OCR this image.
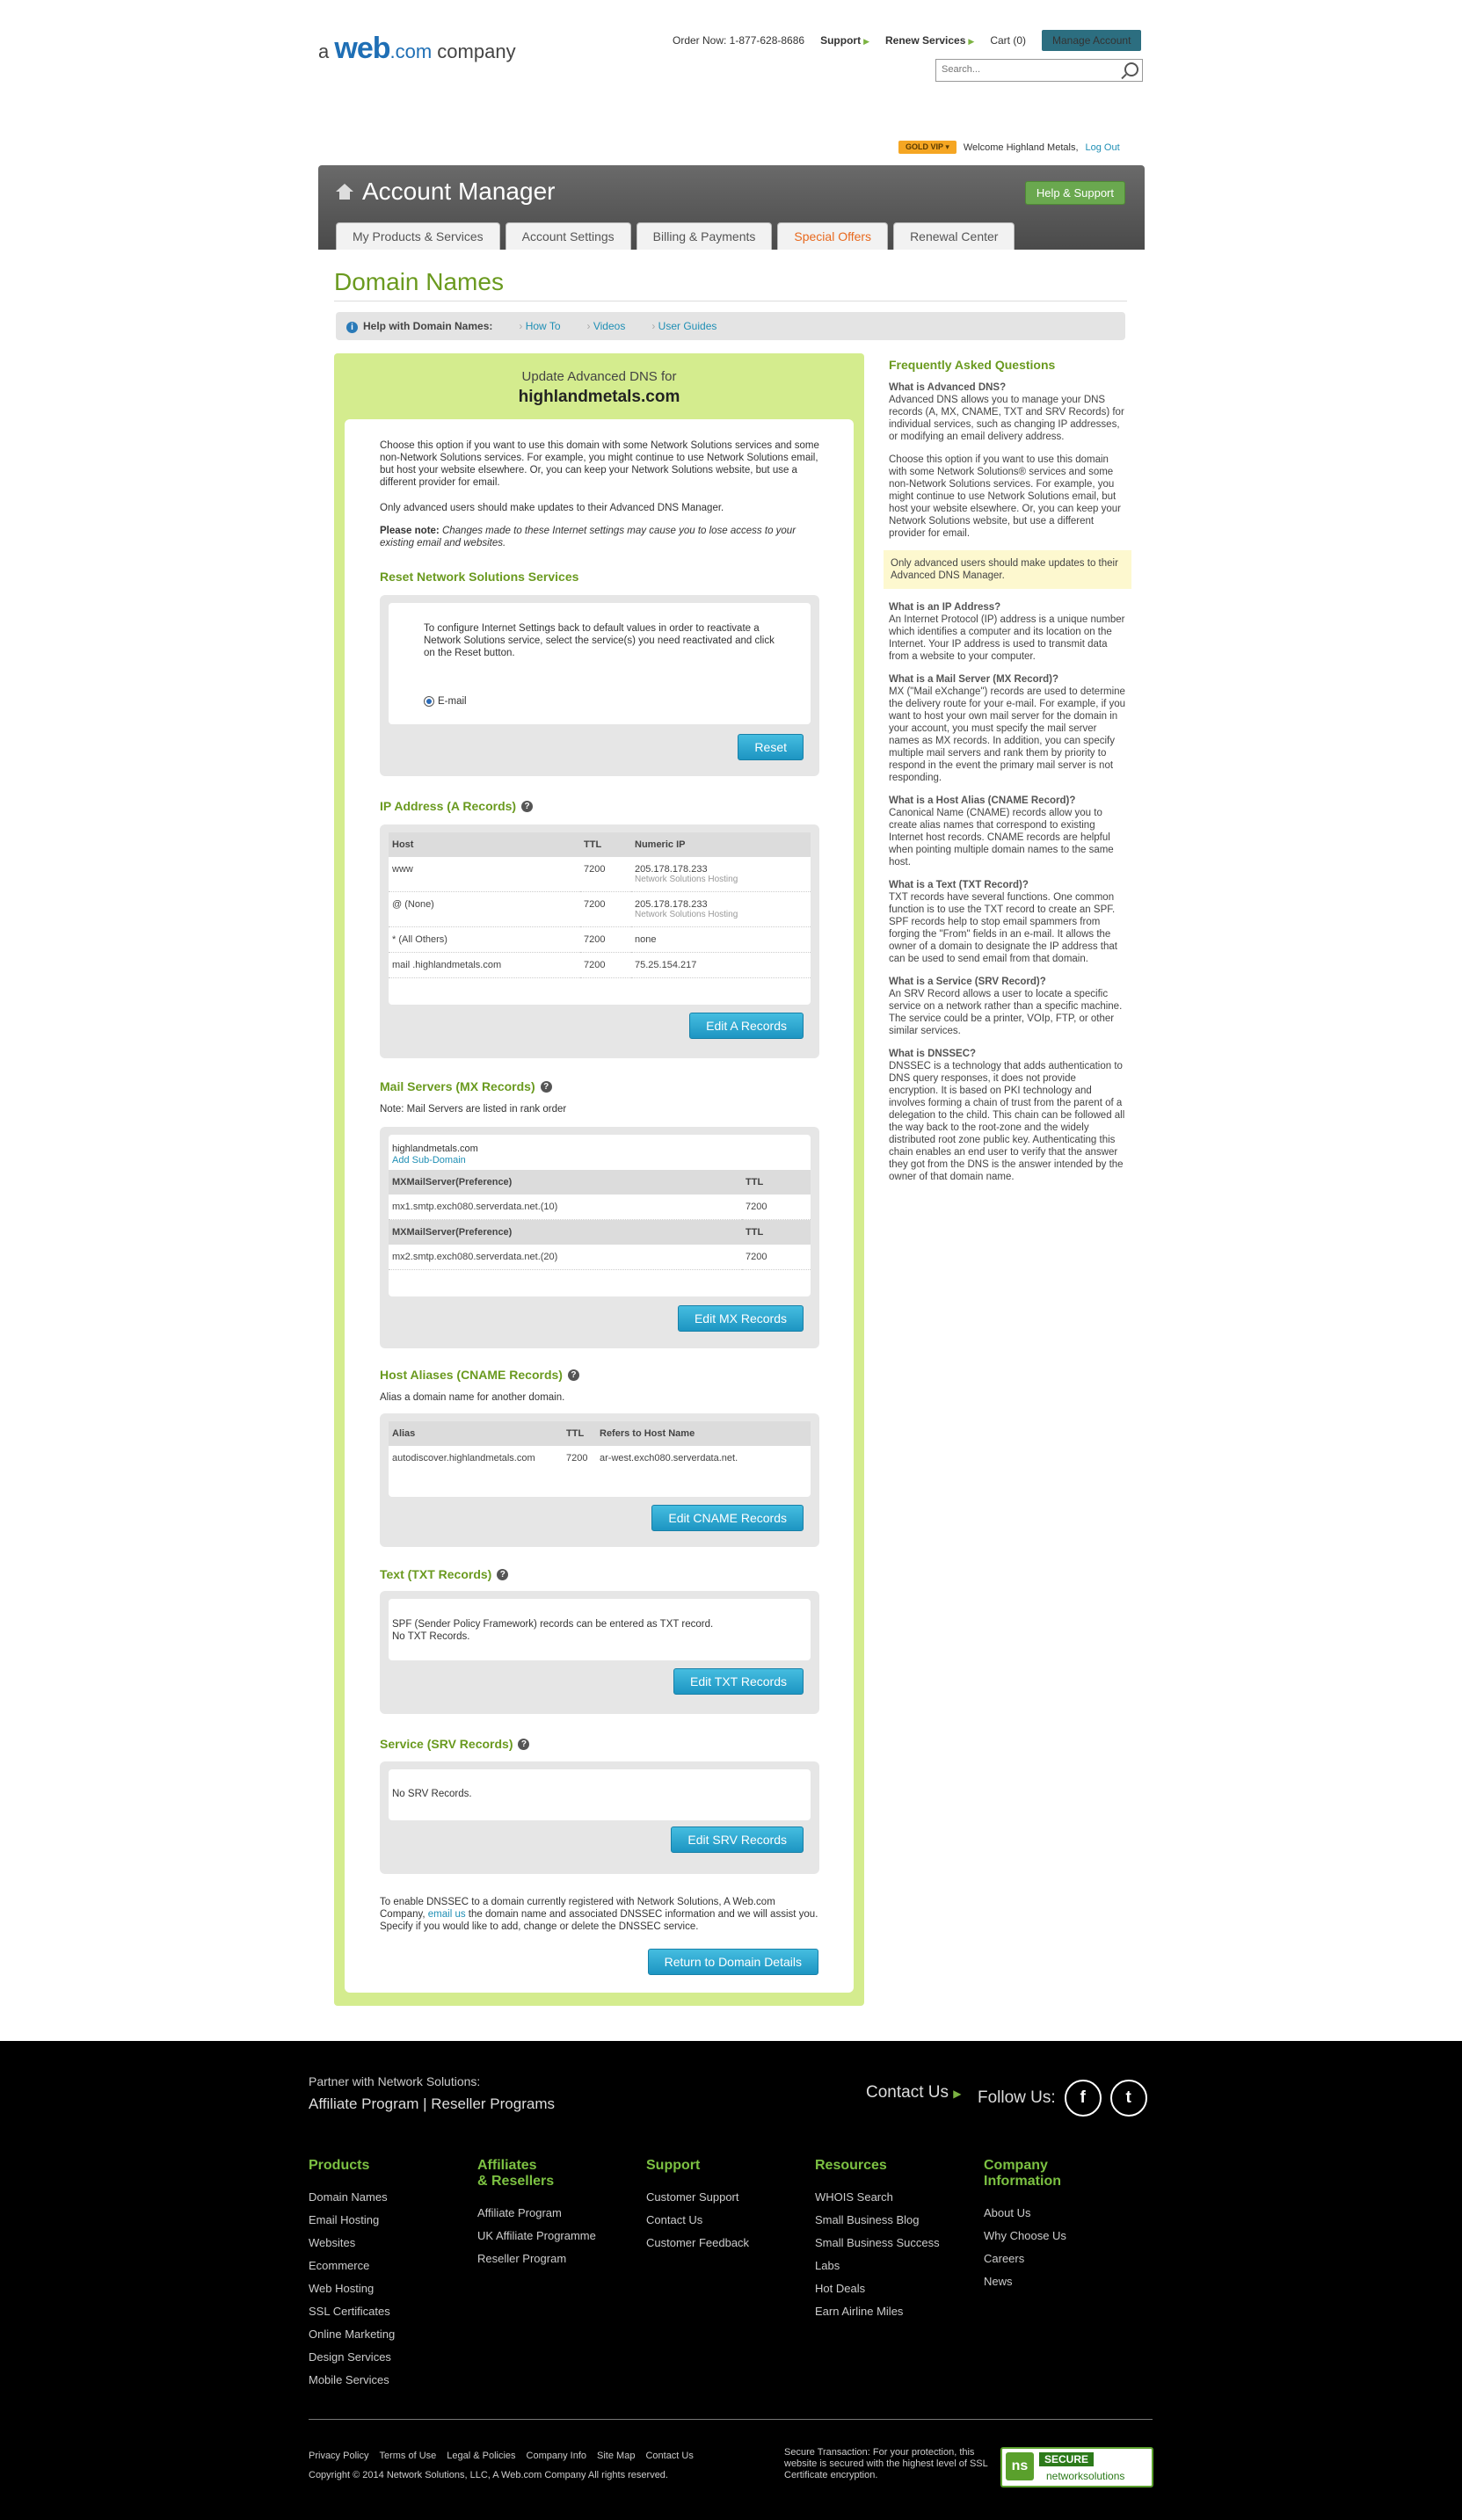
a web.com company	Order Now: 1-877-628-8686 Support ▶ Renew Services ▶ Cart (0)	Manage Account
Search...
GOLD VIP ▾	Welcome Highland Metals, Log Out
Account Manager	Help & Support
My Products & Services	Account Settings	Billing & Payments	Special Offers	Renewal Center
Domain Names
i Help with Domain Names:	› How To	› Videos	› User Guides
Update Advanced DNS for
highlandmetals.com
Choose this option if you want to use this domain with some Network Solutions services and some non-Network Solutions services. For example, you might continue to use Network Solutions email, but host your website elsewhere. Or, you can keep your Network Solutions website, but use a different provider for email.
Only advanced users should make updates to their Advanced DNS Manager.
Please note: Changes made to these Internet settings may cause you to lose access to your existing email and websites.
Reset Network Solutions Services
To configure Internet Settings back to default values in order to reactivate a Network Solutions service, select the service(s) you need reactivated and click on the Reset button.
E-mail
Reset
IP Address (A Records) ?
Host	TTL	Numeric IP
www	7200	205.178.178.233
Network Solutions Hosting

@ (None)	7200	205.178.178.233
Network Solutions Hosting

* (All Others)	7200	none
mail .highlandmetals.com	7200	75.25.154.217
Edit A Records
Mail Servers (MX Records) ?
Note: Mail Servers are listed in rank order
highlandmetals.com
Add Sub-Domain
MXMailServer(Preference)	TTL
mx1.smtp.exch080.serverdata.net.(10)	7200
MXMailServer(Preference)	TTL
mx2.smtp.exch080.serverdata.net.(20)	7200
Edit MX Records
Host Aliases (CNAME Records) ?
Alias a domain name for another domain.
Alias	TTL	Refers to Host Name
autodiscover.highlandmetals.com	7200	ar-west.exch080.serverdata.net.
Edit CNAME Records
Text (TXT Records) ?
SPF (Sender Policy Framework) records can be entered as TXT record.
No TXT Records.
Edit TXT Records
Service (SRV Records) ?
No SRV Records.
Edit SRV Records
To enable DNSSEC to a domain currently registered with Network Solutions, A Web.com Company, email us the domain name and associated DNSSEC information and we will assist you. Specify if you would like to add, change or delete the DNSSEC service.
Return to Domain Details
Frequently Asked Questions
What is Advanced DNS?
Advanced DNS allows you to manage your DNS records (A, MX, CNAME, TXT and SRV Records) for individual services, such as changing IP addresses, or modifying an email delivery address.
Choose this option if you want to use this domain with some Network Solutions® services and some non-Network Solutions services. For example, you might continue to use Network Solutions email, but host your website elsewhere. Or, you can keep your Network Solutions website, but use a different provider for email.
Only advanced users should make updates to their Advanced DNS Manager.
What is an IP Address?
An Internet Protocol (IP) address is a unique number which identifies a computer and its location on the Internet. Your IP address is used to transmit data from a website to your computer.
What is a Mail Server (MX Record)?
MX ("Mail eXchange") records are used to determine the delivery route for your e-mail. For example, if you want to host your own mail server for the domain in your account, you must specify the mail server names as MX records. In addition, you can specify multiple mail servers and rank them by priority to respond in the event the primary mail server is not responding.
What is a Host Alias (CNAME Record)?
Canonical Name (CNAME) records allow you to create alias names that correspond to existing Internet host records. CNAME records are helpful when pointing multiple domain names to the same host.
What is a Text (TXT Record)?
TXT records have several functions. One common function is to use the TXT record to create an SPF. SPF records help to stop email spammers from forging the "From" fields in an e-mail. It allows the owner of a domain to designate the IP address that can be used to send email from that domain.
What is a Service (SRV Record)?
An SRV Record allows a user to locate a specific service on a network rather than a specific machine. The service could be a printer, VOIp, FTP, or other similar services.
What is DNSSEC?
DNSSEC is a technology that adds authentication to DNS query responses, it does not provide encryption. It is based on PKI technology and involves forming a chain of trust from the parent of a delegation to the child. This chain can be followed all the way back to the root-zone and the widely distributed root zone public key. Authenticating this chain enables an end user to verify that the answer they got from the DNS is the answer intended by the owner of that domain name.
Partner with Network Solutions:
Affiliate Program | Reseller Programs
Contact Us ▶ Follow Us:	f	t
Products
Domain Names
Email Hosting
Websites
Ecommerce
Web Hosting
SSL Certificates
Online Marketing
Design Services
Mobile Services
Affiliates
& Resellers
Affiliate Program
UK Affiliate Programme
Reseller Program
Support
Customer Support
Contact Us
Customer Feedback
Resources
WHOIS Search
Small Business Blog
Small Business Success
Labs
Hot Deals
Earn Airline Miles
Company
Information
About Us
Why Choose Us
Careers
News
Privacy Policy Terms of Use Legal & Policies Company Info Site Map Contact Us
Copyright © 2014 Network Solutions, LLC, A Web.com Company All rights reserved.
Secure Transaction: For your protection, this website is secured with the highest level of SSL Certificate encryption.
ns	SECURE
networksolutions
